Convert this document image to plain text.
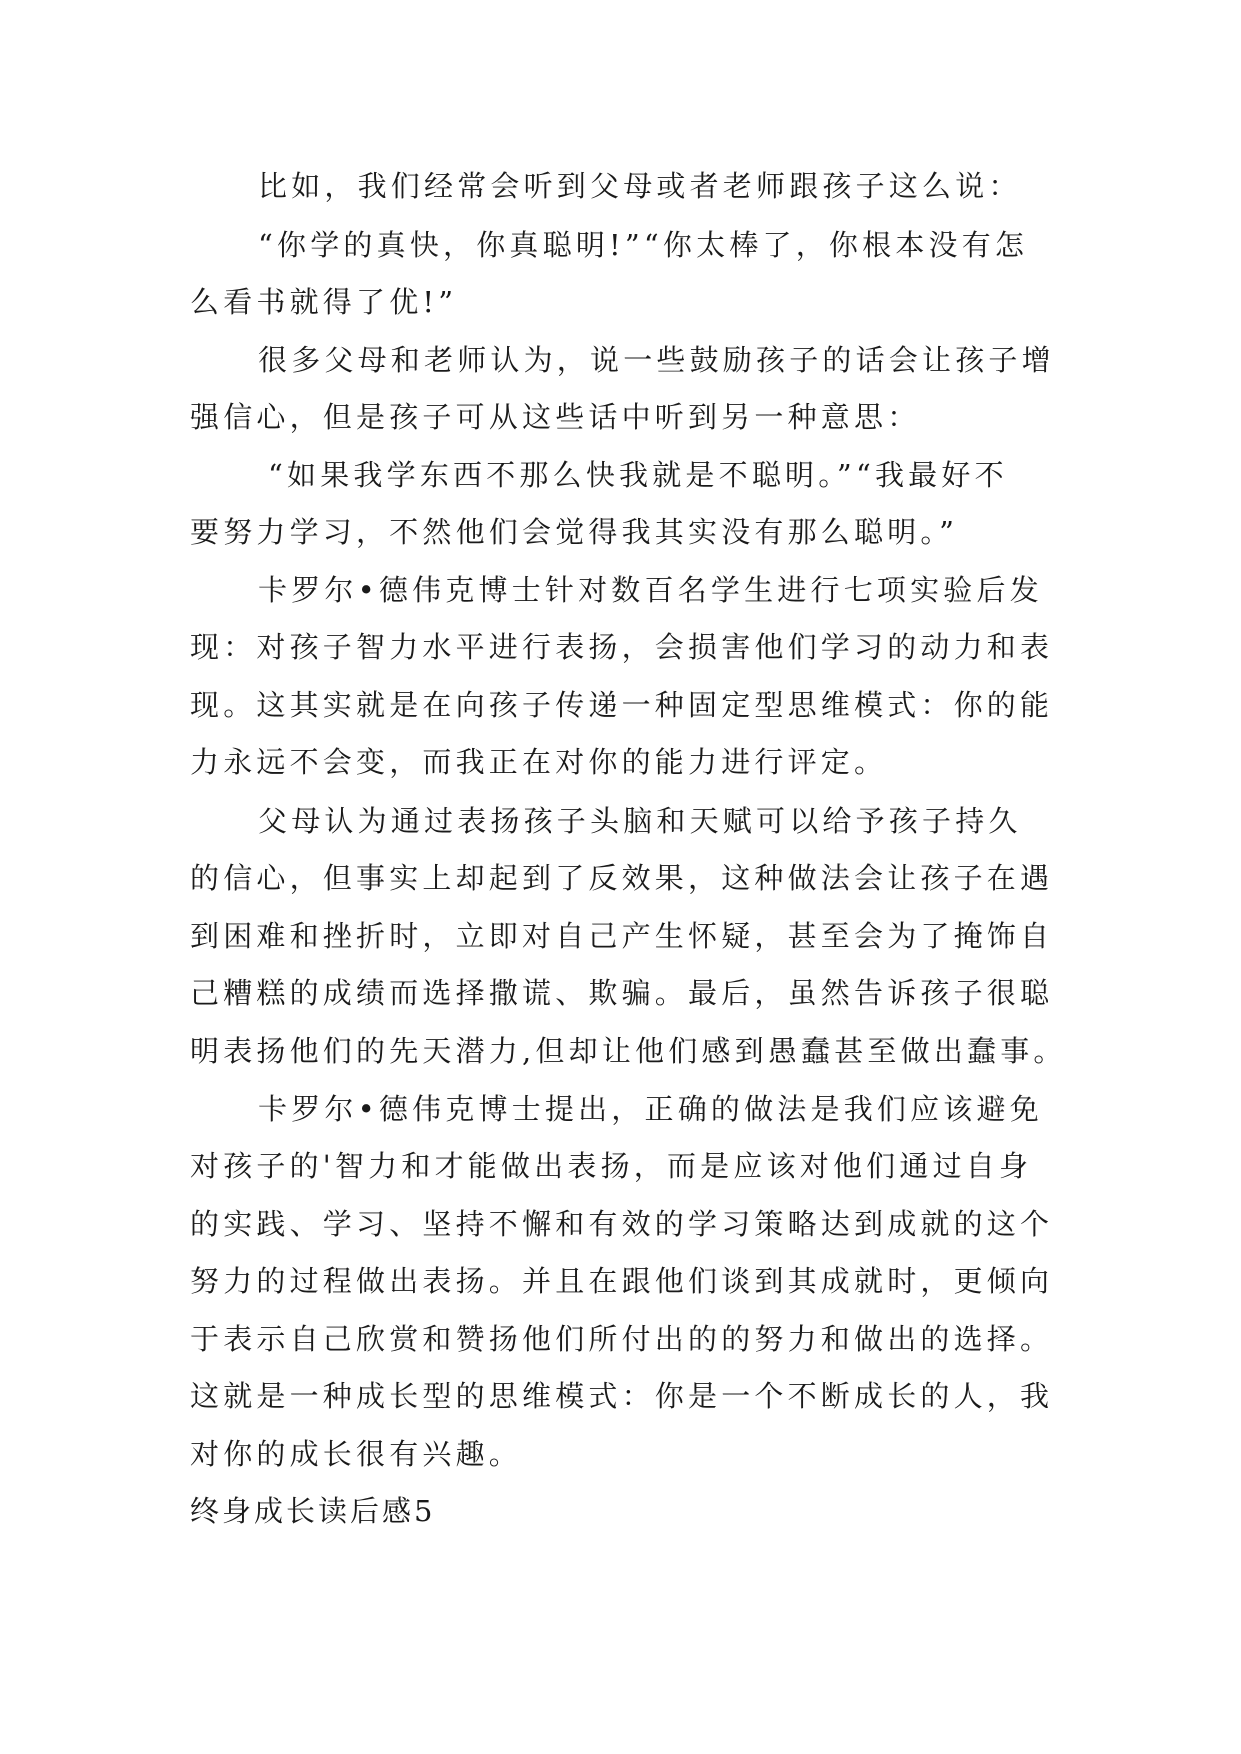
比如，我们经常会听到父母或者老师跟孩子这么说：
“你学的真快，你真聪明!”“你太棒了，你根本没有怎
么看书就得了优!”
很多父母和老师认为，说一些鼓励孩子的话会让孩子增
强信心，但是孩子可从这些话中听到另一种意思：
“如果我学东西不那么快我就是不聪明。”“我最好不
要努力学习，不然他们会觉得我其实没有那么聪明。”
卡罗尔•德伟克博士针对数百名学生进行七项实验后发
现：对孩子智力水平进行表扬，会损害他们学习的动力和表
现。这其实就是在向孩子传递一种固定型思维模式：你的能
力永远不会变，而我正在对你的能力进行评定。
父母认为通过表扬孩子头脑和天赋可以给予孩子持久
的信心，但事实上却起到了反效果，这种做法会让孩子在遇
到困难和挫折时，立即对自己产生怀疑，甚至会为了掩饰自
己糟糕的成绩而选择撒谎、欺骗。最后，虽然告诉孩子很聪
明表扬他们的先天潜力,但却让他们感到愚蠢甚至做出蠢事。
卡罗尔•德伟克博士提出，正确的做法是我们应该避免
对孩子的'智力和才能做出表扬，而是应该对他们通过自身
的实践、学习、坚持不懈和有效的学习策略达到成就的这个
努力的过程做出表扬。并且在跟他们谈到其成就时，更倾向
于表示自己欣赏和赞扬他们所付出的的努力和做出的选择。
这就是一种成长型的思维模式：你是一个不断成长的人，我
对你的成长很有兴趣。
终身成长读后感5
